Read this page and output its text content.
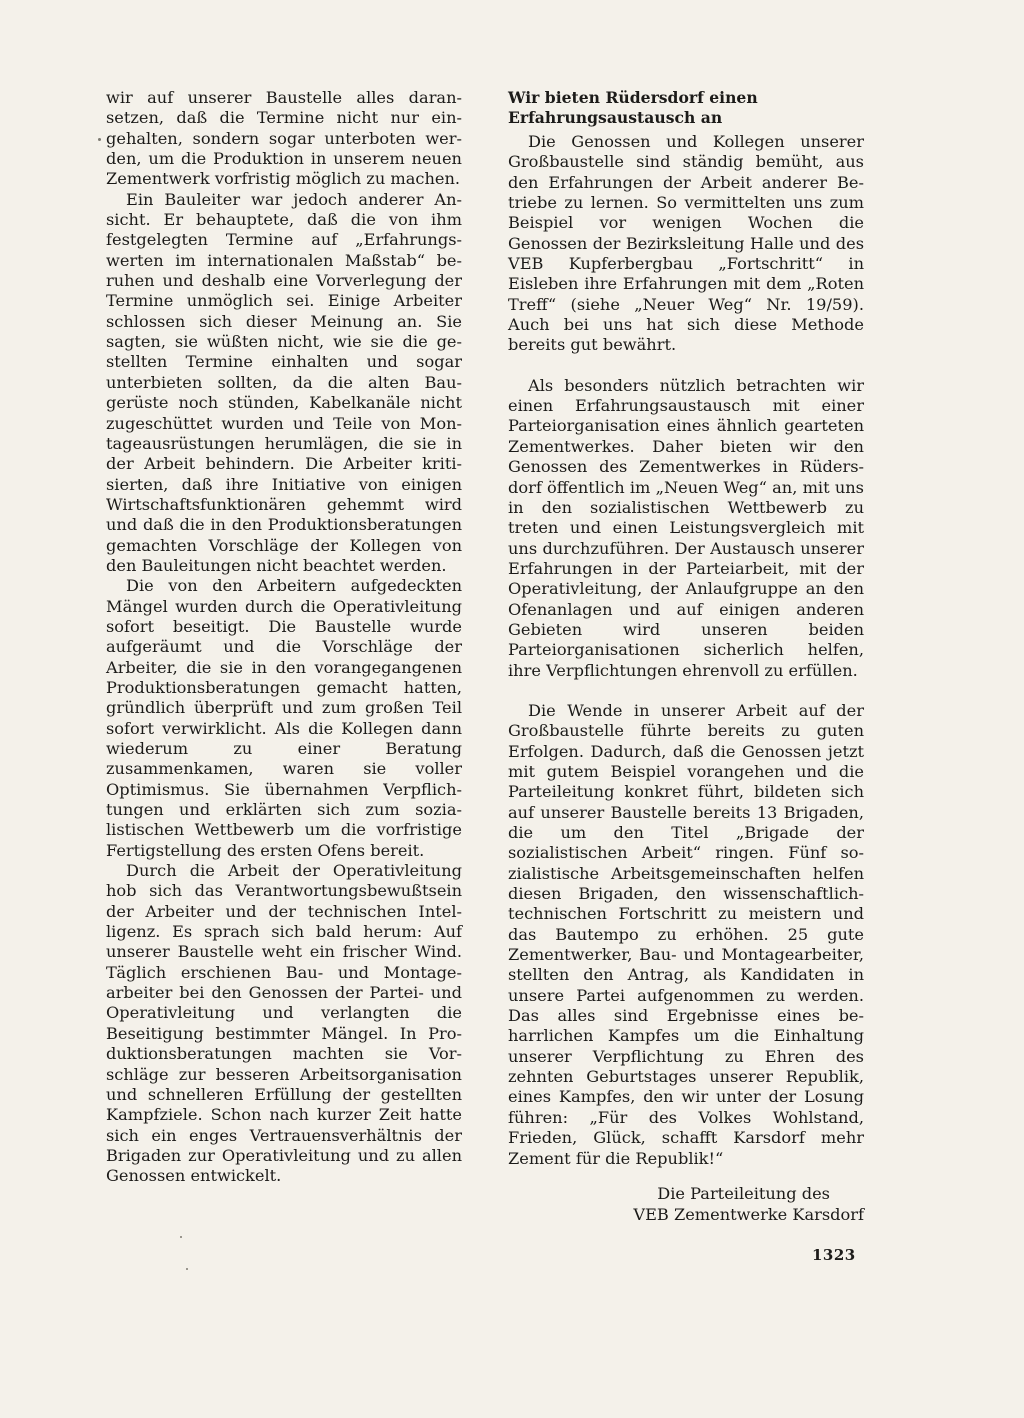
wir auf unserer Baustelle alles daransetzen, daß die Termine nicht nur eingehalten, sondern sogar unterboten werden, um die Produktion in unserem neuen Zementwerk vorfristig möglich zu machen.

Ein Bauleiter war jedoch anderer Ansicht. Er behauptete, daß die von ihm festgelegten Termine auf „Erfahrungswerten im internationalen Maßstab“ beruhen und deshalb eine Vorverlegung der Termine unmöglich sei. Einige Arbeiter schlossen sich dieser Meinung an. Sie sagten, sie wüßten nicht, wie sie die gestellten Termine einhalten und sogar unterbieten sollten, da die alten Baugerüste noch stünden, Kabelkanäle nicht zugeschüttet wurden und Teile von Montageausrüstungen herumlägen, die sie in der Arbeit behindern. Die Arbeiter kritisierten, daß ihre Initiative von einigen Wirtschaftsfunktionären gehemmt wird und daß die in den Produktionsberatungen gemachten Vorschläge der Kollegen von den Bauleitungen nicht beachtet werden.

Die von den Arbeitern aufgedeckten Mängel wurden durch die Operativleitung sofort beseitigt. Die Baustelle wurde aufgeräumt und die Vorschläge der Arbeiter, die sie in den vorangegangenen Produktionsberatungen gemacht hatten, gründlich überprüft und zum großen Teil sofort verwirklicht. Als die Kollegen dann wiederum zu einer Beratung zusammenkamen, waren sie voller Optimismus. Sie übernahmen Verpflichtungen und erklärten sich zum sozialistischen Wettbewerb um die vorfristige Fertigstellung des ersten Ofens bereit.

Durch die Arbeit der Operativleitung hob sich das Verantwortungsbewußtsein der Arbeiter und der technischen Intelligenz. Es sprach sich bald herum: Auf unserer Baustelle weht ein frischer Wind. Täglich erschienen Bau- und Montagearbeiter bei den Genossen der Partei- und Operativleitung und verlangten die Beseitigung bestimmter Mängel. In Produktionsberatungen machten sie Vorschläge zur besseren Arbeitsorganisation und schnelleren Erfüllung der gestellten Kampfziele. Schon nach kurzer Zeit hatte sich ein enges Vertrauensverhältnis der Brigaden zur Operativleitung und zu allen Genossen entwickelt.

Wir bieten Rüdersdorf einen Erfahrungsaustausch an

Die Genossen und Kollegen unserer Großbaustelle sind ständig bemüht, aus den Erfahrungen der Arbeit anderer Betriebe zu lernen. So vermittelten uns zum Beispiel vor wenigen Wochen die Genossen der Bezirksleitung Halle und des VEB Kupferbergbau „Fortschritt“ in Eisleben ihre Erfahrungen mit dem „Roten Treff“ (siehe „Neuer Weg“ Nr. 19/59). Auch bei uns hat sich diese Methode bereits gut bewährt.

Als besonders nützlich betrachten wir einen Erfahrungsaustausch mit einer Parteiorganisation eines ähnlich gearteten Zementwerkes. Daher bieten wir den Genossen des Zementwerkes in Rüdersdorf öffentlich im „Neuen Weg“ an, mit uns in den sozialistischen Wettbewerb zu treten und einen Leistungsvergleich mit uns durchzuführen. Der Austausch unserer Erfahrungen in der Parteiarbeit, mit der Operativleitung, der Anlaufgruppe an den Ofenanlagen und auf einigen anderen Gebieten wird unseren beiden Parteiorganisationen sicherlich helfen, ihre Verpflichtungen ehrenvoll zu erfüllen.

Die Wende in unserer Arbeit auf der Großbaustelle führte bereits zu guten Erfolgen. Dadurch, daß die Genossen jetzt mit gutem Beispiel vorangehen und die Parteileitung konkret führt, bildeten sich auf unserer Baustelle bereits 13 Brigaden, die um den Titel „Brigade der sozialistischen Arbeit“ ringen. Fünf sozialistische Arbeitsgemeinschaften helfen diesen Brigaden, den wissenschaftlich-technischen Fortschritt zu meistern und das Bautempo zu erhöhen. 25 gute Zementwerker, Bau- und Montagearbeiter, stellten den Antrag, als Kandidaten in unsere Partei aufgenommen zu werden. Das alles sind Ergebnisse eines beharrlichen Kampfes um die Einhaltung unserer Verpflichtung zu Ehren des zehnten Geburtstages unserer Republik, eines Kampfes, den wir unter der Losung führen: „Für des Volkes Wohlstand, Frieden, Glück, schafft Karsdorf mehr Zement für die Republik!“

Die Parteileitung des
VEB Zementwerke Karsdorf
1323
